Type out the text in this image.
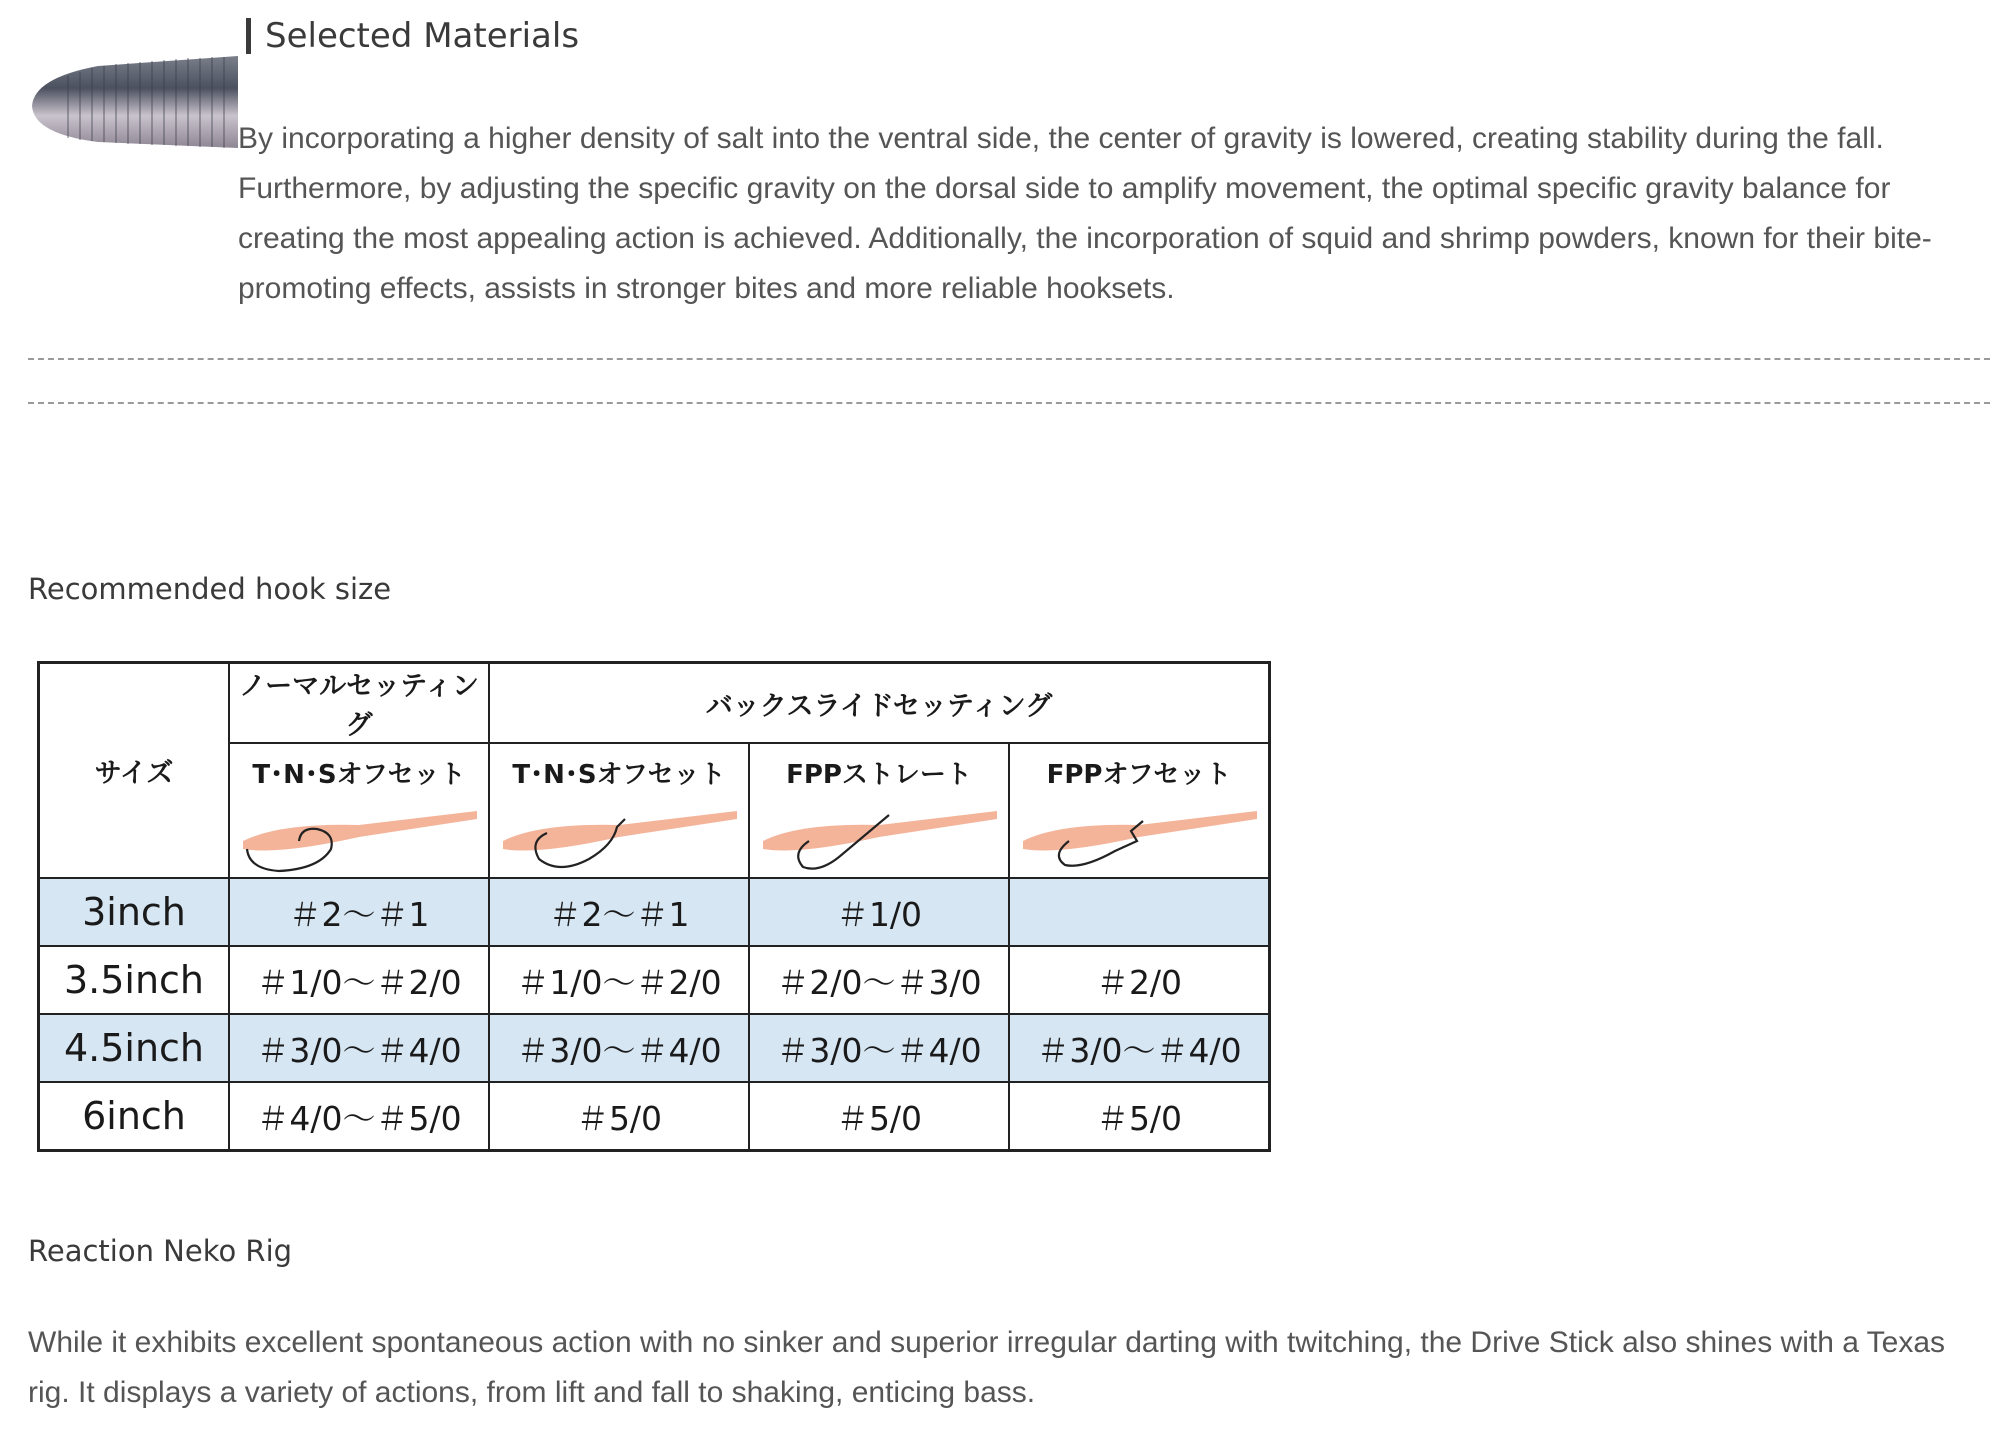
Selected Materials

By incorporating a higher density of salt into the ventral side, the center of gravity is lowered, creating stability during the fall. Furthermore, by adjusting the specific gravity on the dorsal side to amplify movement, the optimal specific gravity balance for creating the most appealing action is achieved. Additionally, the incorporation of squid and shrimp powders, known for their bite-promoting effects, assists in stronger bites and more reliable hooksets.

Recommended hook size
サイズ	ノーマルセッティング	バックスライドセッティング		

	T･N･Sオフセット	T･N･Sオフセット	FPPストレート	FPPオフセット

3inch	＃2～＃1	＃2～＃1	＃1/0	
3.5inch	＃1/0～＃2/0	＃1/0～＃2/0	＃2/0～＃3/0	＃2/0
4.5inch	＃3/0～＃4/0	＃3/0～＃4/0	＃3/0～＃4/0	＃3/0～＃4/0
6inch	＃4/0～＃5/0	＃5/0	＃5/0	＃5/0
Reaction Neko Rig

While it exhibits excellent spontaneous action with no sinker and superior irregular darting with twitching, the Drive Stick also shines with a Texas rig. It displays a variety of actions, from lift and fall to shaking, enticing bass.
